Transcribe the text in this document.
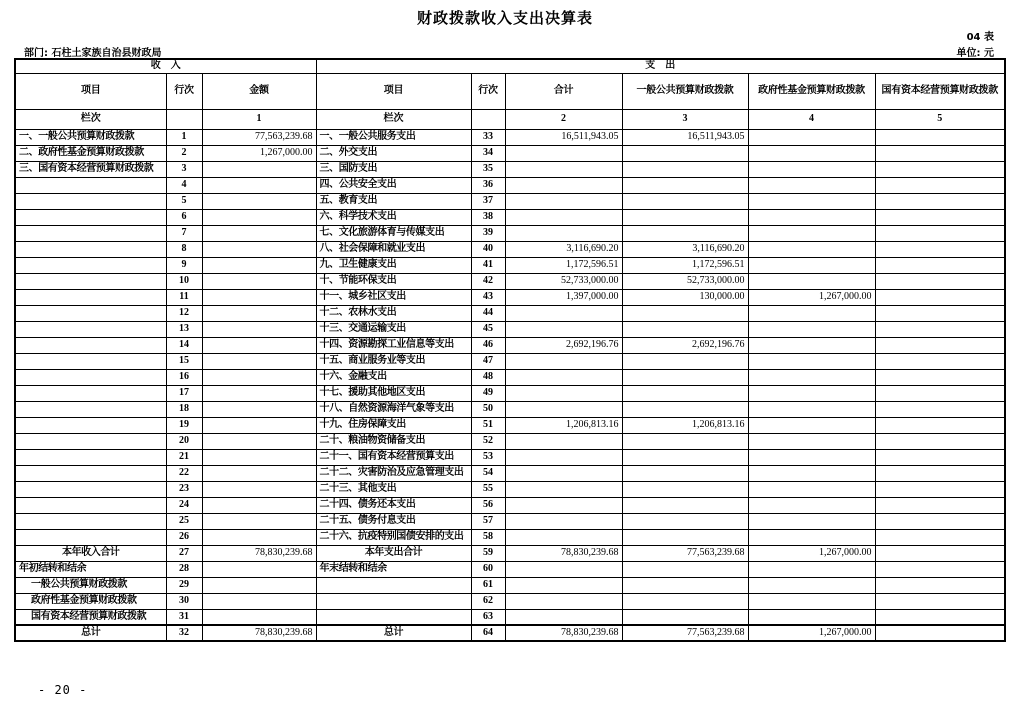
财政拨款收入支出决算表
04 表
部门: 石柱土家族自治县财政局	单位: 元
收　入			支　出					
项目	行次	金额	项目	行次	合计	一般公共预算财政拨款	政府性基金预算财政拨款	国有资本经营预算财政拨款
栏次		1	栏次		2	3	4	5
一、一般公共预算财政拨款	1	77,563,239.68	一、一般公共服务支出	33	16,511,943.05	16,511,943.05		
二、政府性基金预算财政拨款	2	1,267,000.00	二、外交支出	34				
三、国有资本经营预算财政拨款	3		三、国防支出	35				
	4		四、公共安全支出	36				
	5		五、教育支出	37				
	6		六、科学技术支出	38				
	7		七、文化旅游体育与传媒支出	39				
	8		八、社会保障和就业支出	40	3,116,690.20	3,116,690.20		
	9		九、卫生健康支出	41	1,172,596.51	1,172,596.51		
	10		十、节能环保支出	42	52,733,000.00	52,733,000.00		
	11		十一、城乡社区支出	43	1,397,000.00	130,000.00	1,267,000.00	
	12		十二、农林水支出	44				
	13		十三、交通运输支出	45				
	14		十四、资源勘探工业信息等支出	46	2,692,196.76	2,692,196.76		
	15		十五、商业服务业等支出	47				
	16		十六、金融支出	48				
	17		十七、援助其他地区支出	49				
	18		十八、自然资源海洋气象等支出	50				
	19		十九、住房保障支出	51	1,206,813.16	1,206,813.16		
	20		二十、粮油物资储备支出	52				
	21		二十一、国有资本经营预算支出	53				
	22		二十二、灾害防治及应急管理支出	54				
	23		二十三、其他支出	55				
	24		二十四、债务还本支出	56				
	25		二十五、债务付息支出	57				
	26		二十六、抗疫特别国债安排的支出	58				
本年收入合计	27	78,830,239.68	本年支出合计	59	78,830,239.68	77,563,239.68	1,267,000.00	
年初结转和结余	28		年末结转和结余	60				
一般公共预算财政拨款	29			61				
政府性基金预算财政拨款	30			62				
国有资本经营预算财政拨款	31			63				
总计	32	78,830,239.68	总计	64	78,830,239.68	77,563,239.68	1,267,000.00	
- 20 -
